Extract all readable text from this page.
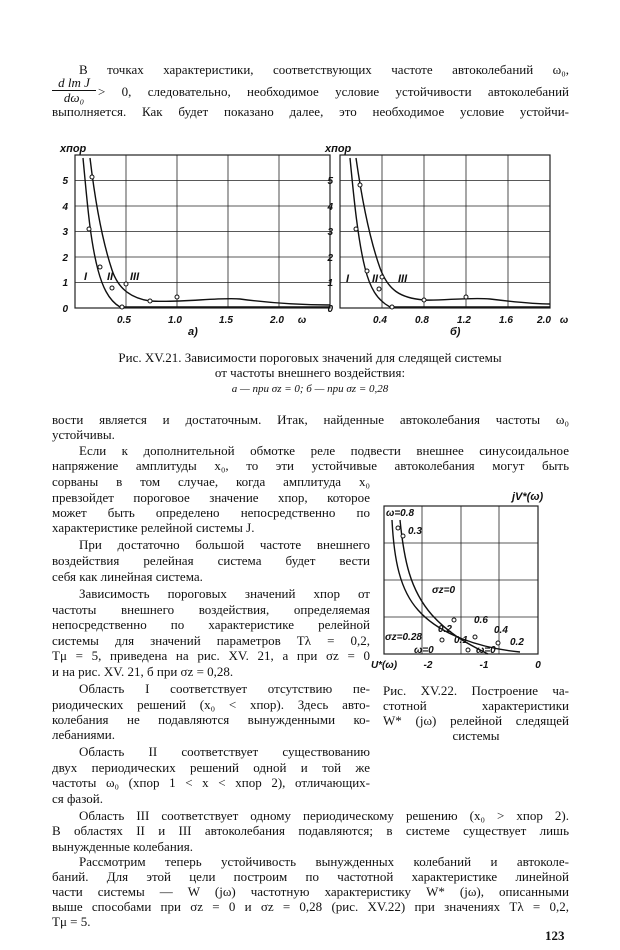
В точках характеристики, соответствующих частоте автоколебаний ω₀,
$\frac{\text{d lm J}}{\text{dω₀}} > 0$, следовательно, необходимое условие устойчивости автоколебаний
выполняется. Как будет показано далее, это необходимое условие устойчи-
xпор
5
4
3
2
1
0
0.5	1.0	1.5	2.0 ω
а)
I II III
xпор
5
4
3
2
1
0
0.4	0.8	1.2	1.6 2.0 ω
б)
I II III
Рис. XV.21. Зависимости пороговых значений для следящей системы
от частоты внешнего воздействия:
а — при σz = 0; б — при σz = 0,28
вости является и достаточным. Итак, найденные автоколебания частоты ω₀
устойчивы.
Если к дополнительной обмотке реле подвести внешнее синусоидальное
напряжение амплитуды x₀, то эти устойчивые автоколебания могут быть
сорваны в том случае, когда амплитуда x₀
превзойдет пороговое значение xпор, которое
может быть определено непосредственно по
характеристике релейной системы J.
При достаточно большой частоте внешнего
воздействия релейная система будет вести
себя как линейная система.
Зависимость пороговых значений xпор от
частоты внешнего воздействия, определяемая
непосредственно по характеристике релейной
системы для значений параметров Tλ = 0,2,
Tμ = 5, приведена на рис. XV. 21, а при σz = 0
и на рис. XV. 21, б при σz = 0,28.
Область I соответствует отсутствию пе-
риодических решений (x₀ < xпор). Здесь авто-
колебания не подавляются вынужденными ко-
лебаниями.
Область II соответствует существованию
двух периодических решений одной и той же
частоты ω₀ (xпор 1 < x < xпор 2), отличающих-
ся фазой.
jV*(ω)
ω=0.8
0.3
σz=0
σz=0.28
0.2
0.1
0.6
0.4
0.2
ω=0	ω=0
U*(ω)	-2	-1	0
Рис. XV.22. Построение ча-
стотной характеристики
W* (jω) релейной следящей
системы
Область III соответствует одному периодическому решению (x₀ > xпор 2).
В областях II и III автоколебания подавляются; в системе существует лишь
вынужденные колебания.
Рассмотрим теперь устойчивость вынужденных колебаний и автоколе-
баний. Для этой цели построим по частотной характеристике линейной
части системы — W (jω) частотную характеристику W* (jω), описанными
выше способами при σz = 0 и σz = 0,28 (рис. XV.22) при значениях Tλ = 0,2,
Tμ = 5.
123
